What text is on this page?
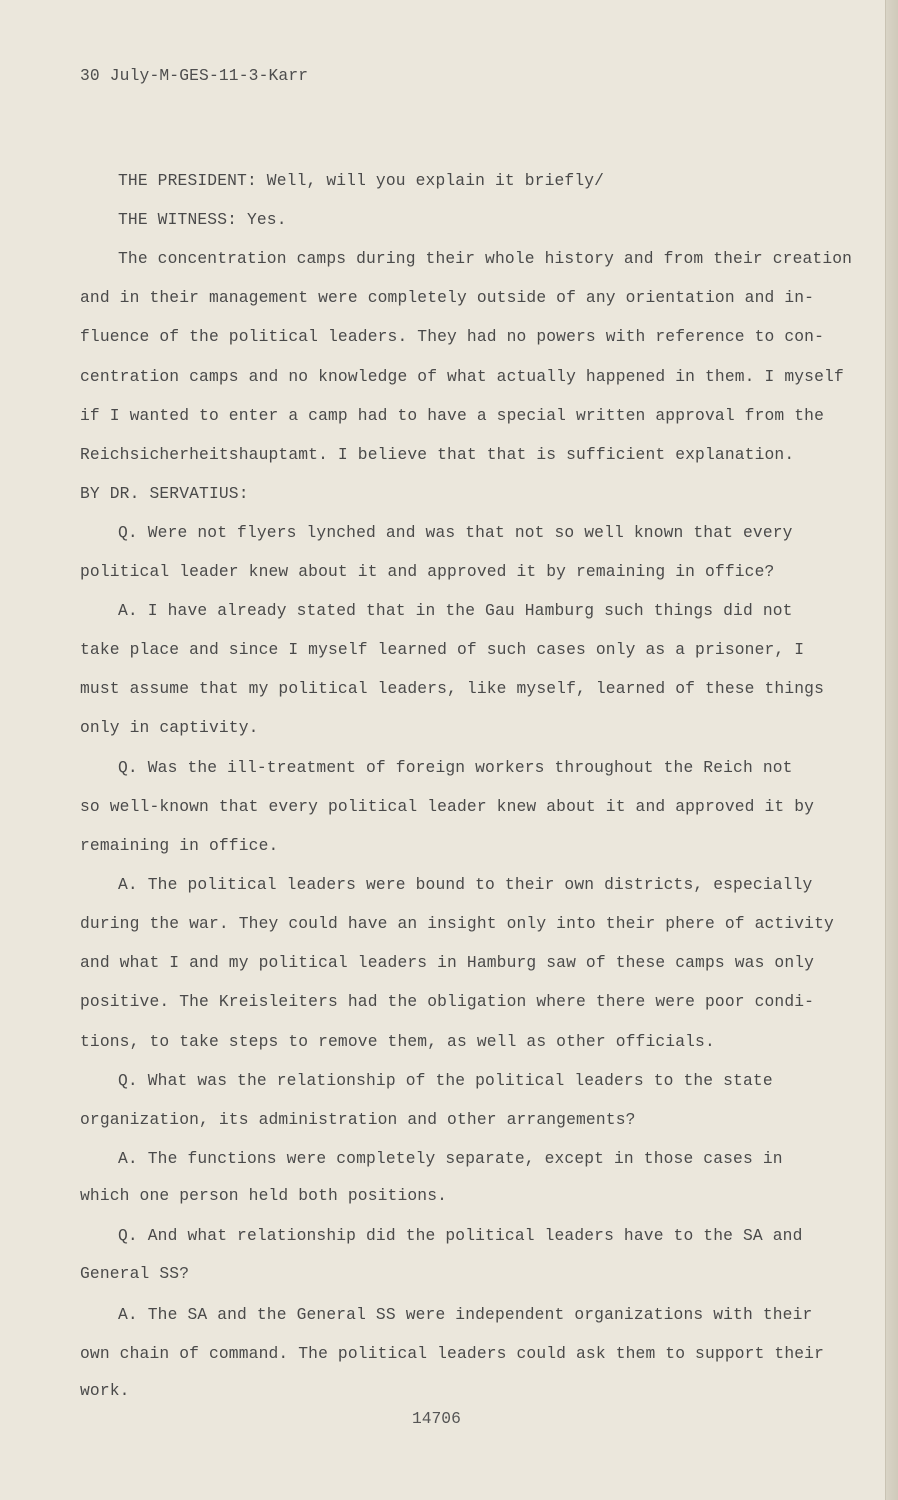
30 July-M-GES-11-3-Karr
THE PRESIDENT: Well, will you explain it briefly/
THE WITNESS: Yes.
The concentration camps during their whole history and from their creation
and in their management were completely outside of any orientation and in-
fluence of the political leaders. They had no powers with reference to con-
centration camps and no knowledge of what actually happened in them. I myself
if I wanted to enter a camp had to have a special written approval from the
Reichsicherheitshauptamt. I believe that that is sufficient explanation.
BY DR. SERVATIUS:
Q. Were not flyers lynched and was that not so well known that every
political leader knew about it and approved it by remaining in office?
A. I have already stated that in the Gau Hamburg such things did not
take place and since I myself learned of such cases only as a prisoner, I
must assume that my political leaders, like myself, learned of these things
only in captivity.
Q. Was the ill-treatment of foreign workers throughout the Reich not
so well-known that every political leader knew about it and approved it by
remaining in office.
A. The political leaders were bound to their own districts, especially
during the war. They could have an insight only into their phere of activity
and what I and my political leaders in Hamburg saw of these camps was only
positive. The Kreisleiters had the obligation where there were poor condi-
tions, to take steps to remove them, as well as other officials.
Q. What was the relationship of the political leaders to the state
organization, its administration and other arrangements?
A. The functions were completely separate, except in those cases in
which one person held both positions.
Q. And what relationship did the political leaders have to the SA and
General SS?
A. The SA and the General SS were independent organizations with their
own chain of command. The political leaders could ask them to support their
work.
14706
